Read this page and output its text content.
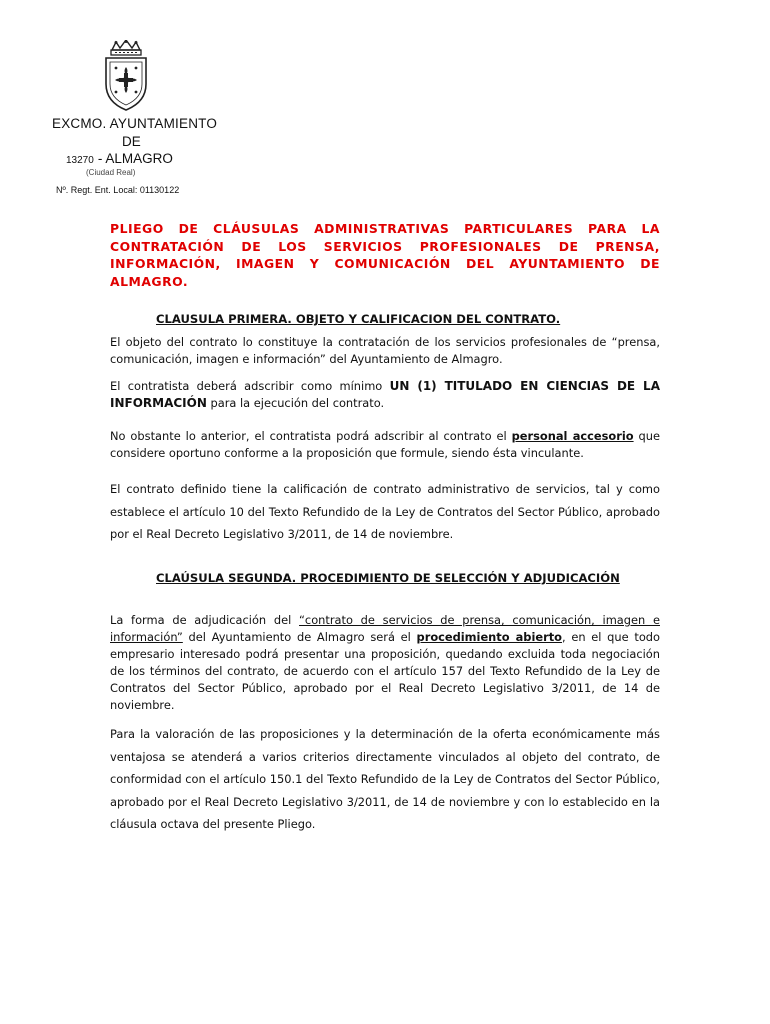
EXCMO. AYUNTAMIENTO
DE
13270 - ALMAGRO
(Ciudad Real)
Nº. Regt. Ent. Local: 01130122

PLIEGO DE CLÁUSULAS ADMINISTRATIVAS PARTICULARES PARA LA CONTRATACIÓN DE LOS SERVICIOS PROFESIONALES DE PRENSA, INFORMACIÓN, IMAGEN Y COMUNICACIÓN DEL AYUNTAMIENTO DE ALMAGRO.

CLAUSULA PRIMERA. OBJETO Y CALIFICACION DEL CONTRATO.

El objeto del contrato lo constituye la contratación de los servicios profesionales de “prensa, comunicación, imagen e información” del Ayuntamiento de Almagro.

El contratista deberá adscribir como mínimo UN (1) TITULADO EN CIENCIAS DE LA INFORMACIÓN para la ejecución del contrato.

No obstante lo anterior, el contratista podrá adscribir al contrato el personal accesorio que considere oportuno conforme a la proposición que formule, siendo ésta vinculante.

El contrato definido tiene la calificación de contrato administrativo de servicios, tal y como establece el artículo 10 del Texto Refundido de la Ley de Contratos del Sector Público, aprobado por el Real Decreto Legislativo 3/2011, de 14 de noviembre.

CLAÚSULA SEGUNDA. PROCEDIMIENTO DE SELECCIÓN Y ADJUDICACIÓN

La forma de adjudicación del “contrato de servicios de prensa, comunicación, imagen e información” del Ayuntamiento de Almagro será el procedimiento abierto, en el que todo empresario interesado podrá presentar una proposición, quedando excluida toda negociación de los términos del contrato, de acuerdo con el artículo 157 del Texto Refundido de la Ley de Contratos del Sector Público, aprobado por el Real Decreto Legislativo 3/2011, de 14 de noviembre.

Para la valoración de las proposiciones y la determinación de la oferta económicamente más ventajosa se atenderá a varios criterios directamente vinculados al objeto del contrato, de conformidad con el artículo 150.1 del Texto Refundido de la Ley de Contratos del Sector Público, aprobado por el Real Decreto Legislativo 3/2011, de 14 de noviembre y con lo establecido en la cláusula octava del presente Pliego.
